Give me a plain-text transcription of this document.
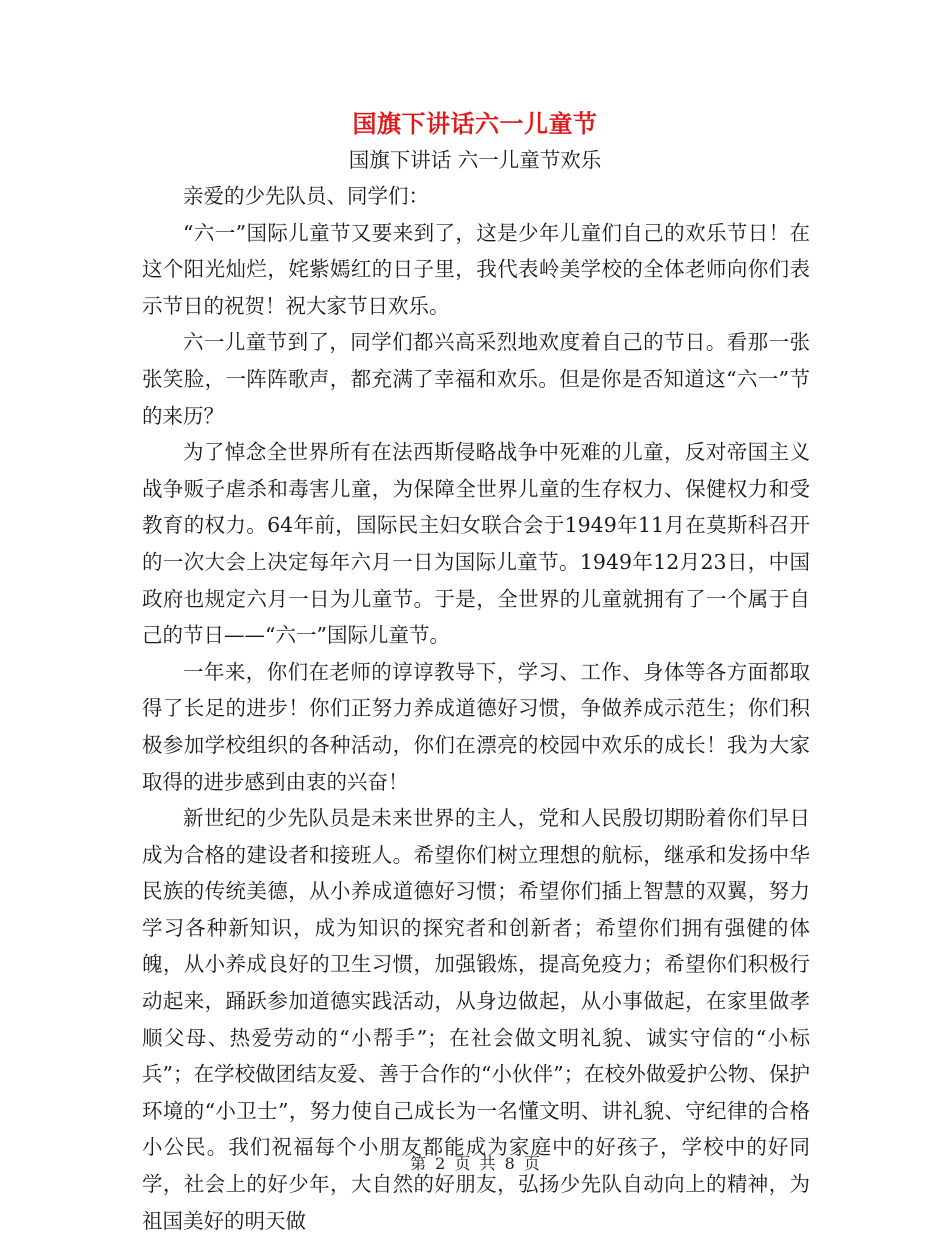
国旗下讲话六一儿童节
国旗下讲话 六一儿童节欢乐

亲爱的少先队员、同学们：

“六一”国际儿童节又要来到了，这是少年儿童们自己的欢乐节日！在这个阳光灿烂，姹紫嫣红的日子里，我代表岭美学校的全体老师向你们表示节日的祝贺！祝大家节日欢乐。

六一儿童节到了，同学们都兴高采烈地欢度着自己的节日。看那一张张笑脸，一阵阵歌声，都充满了幸福和欢乐。但是你是否知道这“六一”节的来历？

为了悼念全世界所有在法西斯侵略战争中死难的儿童，反对帝国主义战争贩子虐杀和毒害儿童，为保障全世界儿童的生存权力、保健权力和受教育的权力。64年前，国际民主妇女联合会于1949年11月在莫斯科召开的一次大会上决定每年六月一日为国际儿童节。1949年12月23日，中国政府也规定六月一日为儿童节。于是，全世界的儿童就拥有了一个属于自己的节日——“六一”国际儿童节。

一年来，你们在老师的谆谆教导下，学习、工作、身体等各方面都取得了长足的进步！你们正努力养成道德好习惯，争做养成示范生；你们积极参加学校组织的各种活动，你们在漂亮的校园中欢乐的成长！我为大家取得的进步感到由衷的兴奋！

新世纪的少先队员是未来世界的主人，党和人民殷切期盼着你们早日成为合格的建设者和接班人。希望你们树立理想的航标，继承和发扬中华民族的传统美德，从小养成道德好习惯；希望你们插上智慧的双翼，努力学习各种新知识，成为知识的探究者和创新者；希望你们拥有强健的体魄，从小养成良好的卫生习惯，加强锻炼，提高免疫力；希望你们积极行动起来，踊跃参加道德实践活动，从身边做起，从小事做起，在家里做孝顺父母、热爱劳动的“小帮手”；在社会做文明礼貌、诚实守信的“小标兵”；在学校做团结友爱、善于合作的“小伙伴”；在校外做爱护公物、保护环境的“小卫士”，努力使自己成长为一名懂文明、讲礼貌、守纪律的合格小公民。我们祝福每个小朋友都能成为家庭中的好孩子，学校中的好同学，社会上的好少年，大自然的好朋友，弘扬少先队自动向上的精神，为祖国美好的明天做

第 2 页 共 8 页
